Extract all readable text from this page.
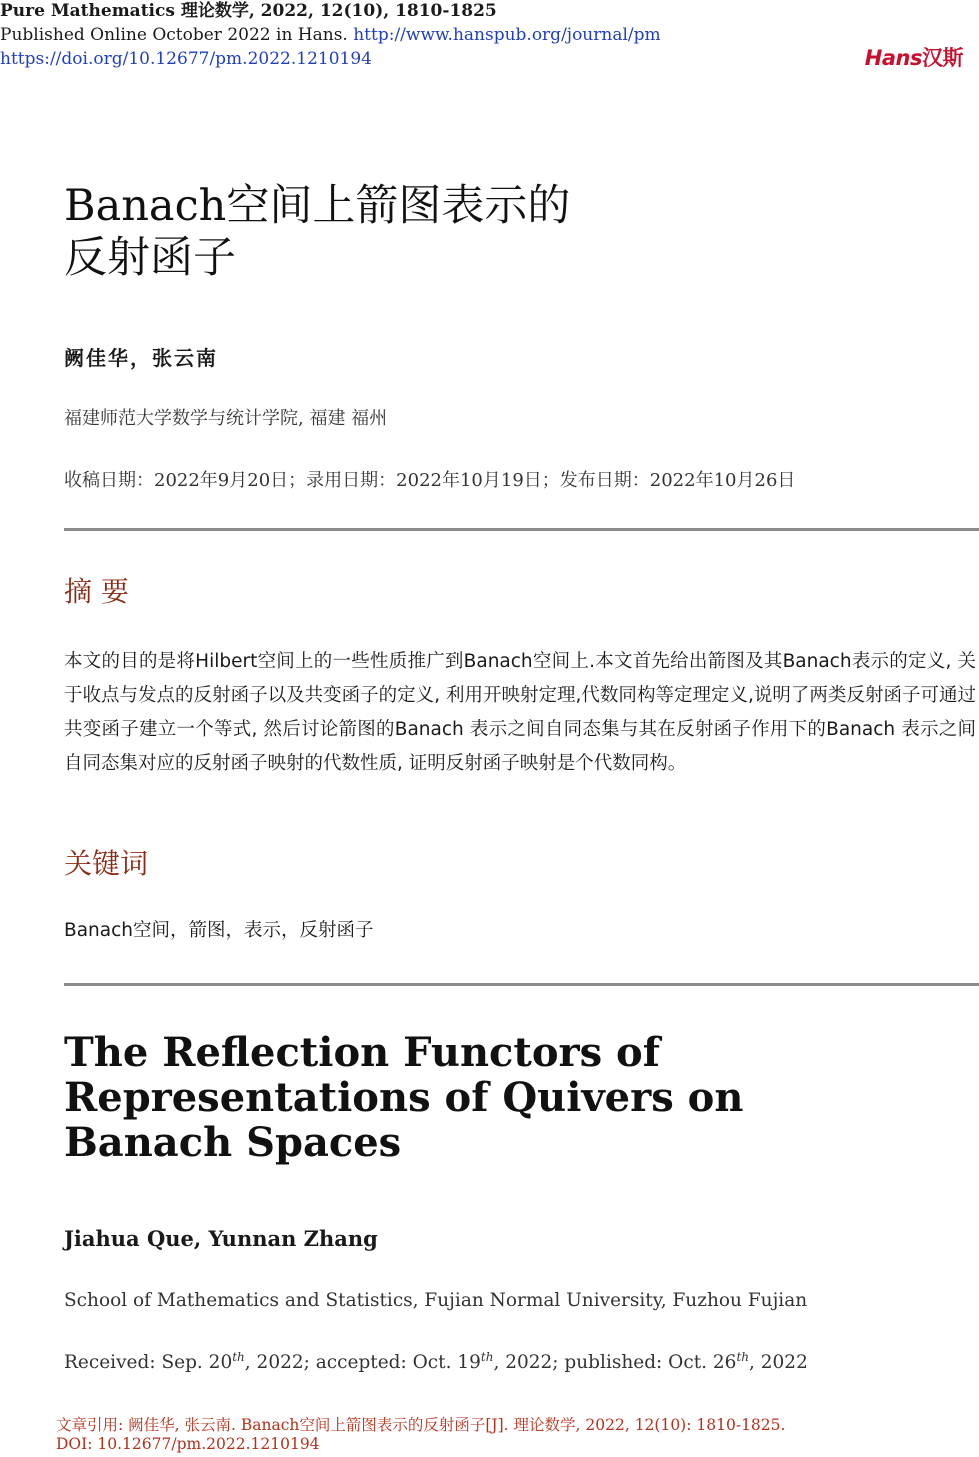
Pure Mathematics 理论数学, 2022, 12(10), 1810-1825
Published Online October 2022 in Hans. http://www.hanspub.org/journal/pm
https://doi.org/10.12677/pm.2022.1210194	Hans汉斯
Banach空间上箭图表示的
反射函子
阙佳华，张云南
福建师范大学数学与统计学院, 福建 福州
收稿日期：2022年9月20日；录用日期：2022年10月19日；发布日期：2022年10月26日
摘 要
本文的目的是将Hilbert空间上的一些性质推广到Banach空间上.本文首先给出箭图及其Banach表示的定义, 关于收点与发点的反射函子以及共变函子的定义, 利用开映射定理,代数同构等定理定义,说明了两类反射函子可通过共变函子建立一个等式, 然后讨论箭图的Banach 表示之间自同态集与其在反射函子作用下的Banach 表示之间自同态集对应的反射函子映射的代数性质, 证明反射函子映射是个代数同构。
关键词
Banach空间，箭图，表示，反射函子
The Reflection Functors of
Representations of Quivers on
Banach Spaces
Jiahua Que, Yunnan Zhang
School of Mathematics and Statistics, Fujian Normal University, Fuzhou Fujian
Received: Sep. 20th, 2022; accepted: Oct. 19th, 2022; published: Oct. 26th, 2022
文章引用: 阙佳华, 张云南. Banach空间上箭图表示的反射函子[J]. 理论数学, 2022, 12(10): 1810-1825.
DOI: 10.12677/pm.2022.1210194
